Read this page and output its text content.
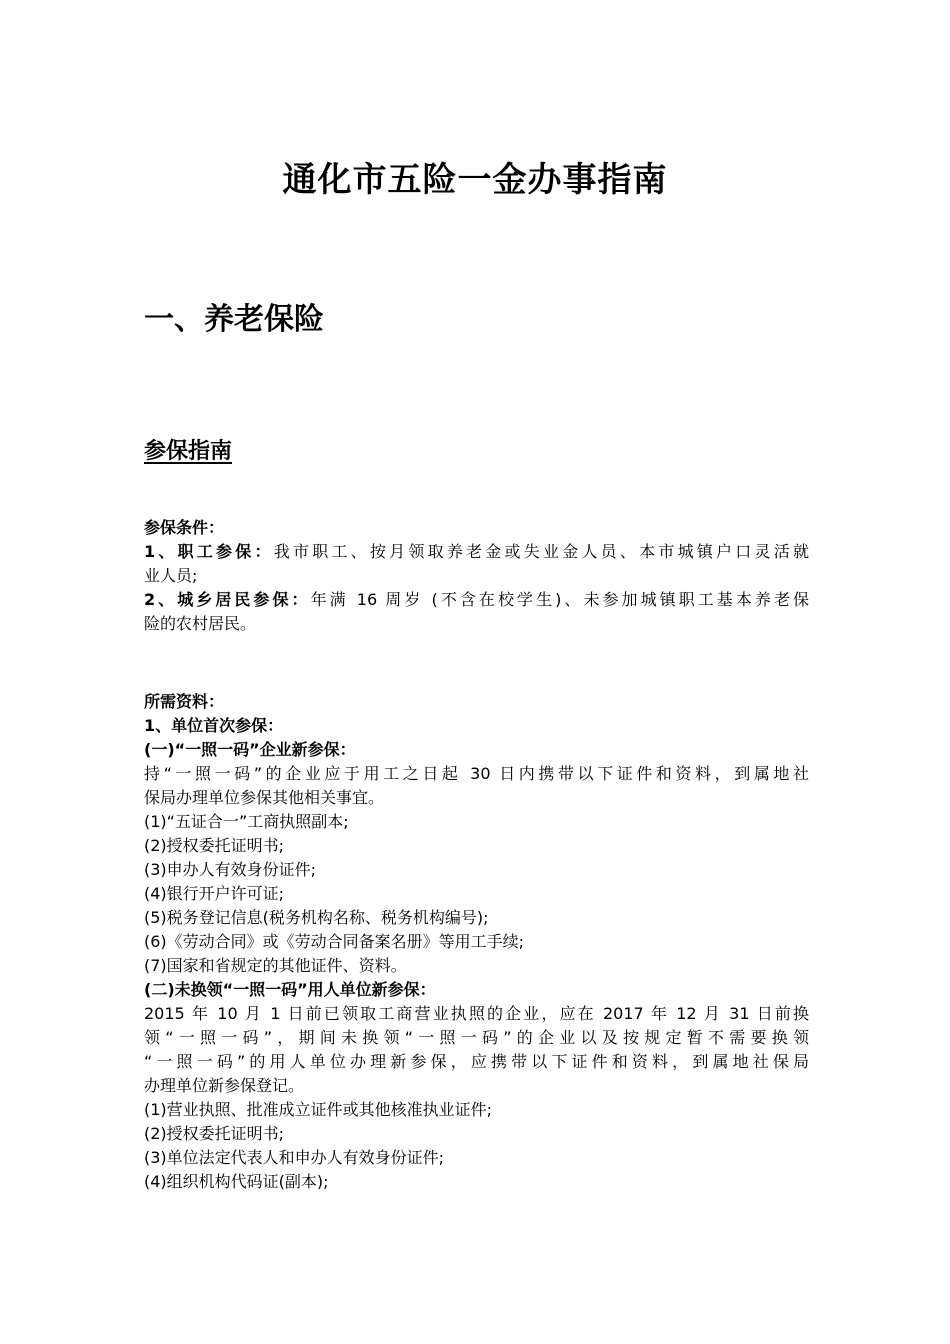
通化市五险一金办事指南
一、养老保险
参保指南
参保条件：
1、职工参保：我市职工、按月领取养老金或失业金人员、本市城镇户口灵活就
业人员;
2、城乡居民参保：年满 16 周岁 (不含在校学生)、未参加城镇职工基本养老保
险的农村居民。
所需资料：
1、单位首次参保：
(一)“一照一码”企业新参保：
持“一照一码”的企业应于用工之日起 30 日内携带以下证件和资料，到属地社
保局办理单位参保其他相关事宜。
(1)“五证合一”工商执照副本;
(2)授权委托证明书;
(3)申办人有效身份证件;
(4)银行开户许可证;
(5)税务登记信息(税务机构名称、税务机构编号);
(6)《劳动合同》或《劳动合同备案名册》等用工手续;
(7)国家和省规定的其他证件、资料。
(二)未换领“一照一码”用人单位新参保：
2015 年 10 月 1 日前已领取工商营业执照的企业，应在 2017 年 12 月 31 日前换
领“一照一码”，期间未换领“一照一码”的企业以及按规定暂不需要换领
“一照一码”的用人单位办理新参保，应携带以下证件和资料，到属地社保局
办理单位新参保登记。
(1)营业执照、批准成立证件或其他核准执业证件;
(2)授权委托证明书;
(3)单位法定代表人和申办人有效身份证件;
(4)组织机构代码证(副本);
